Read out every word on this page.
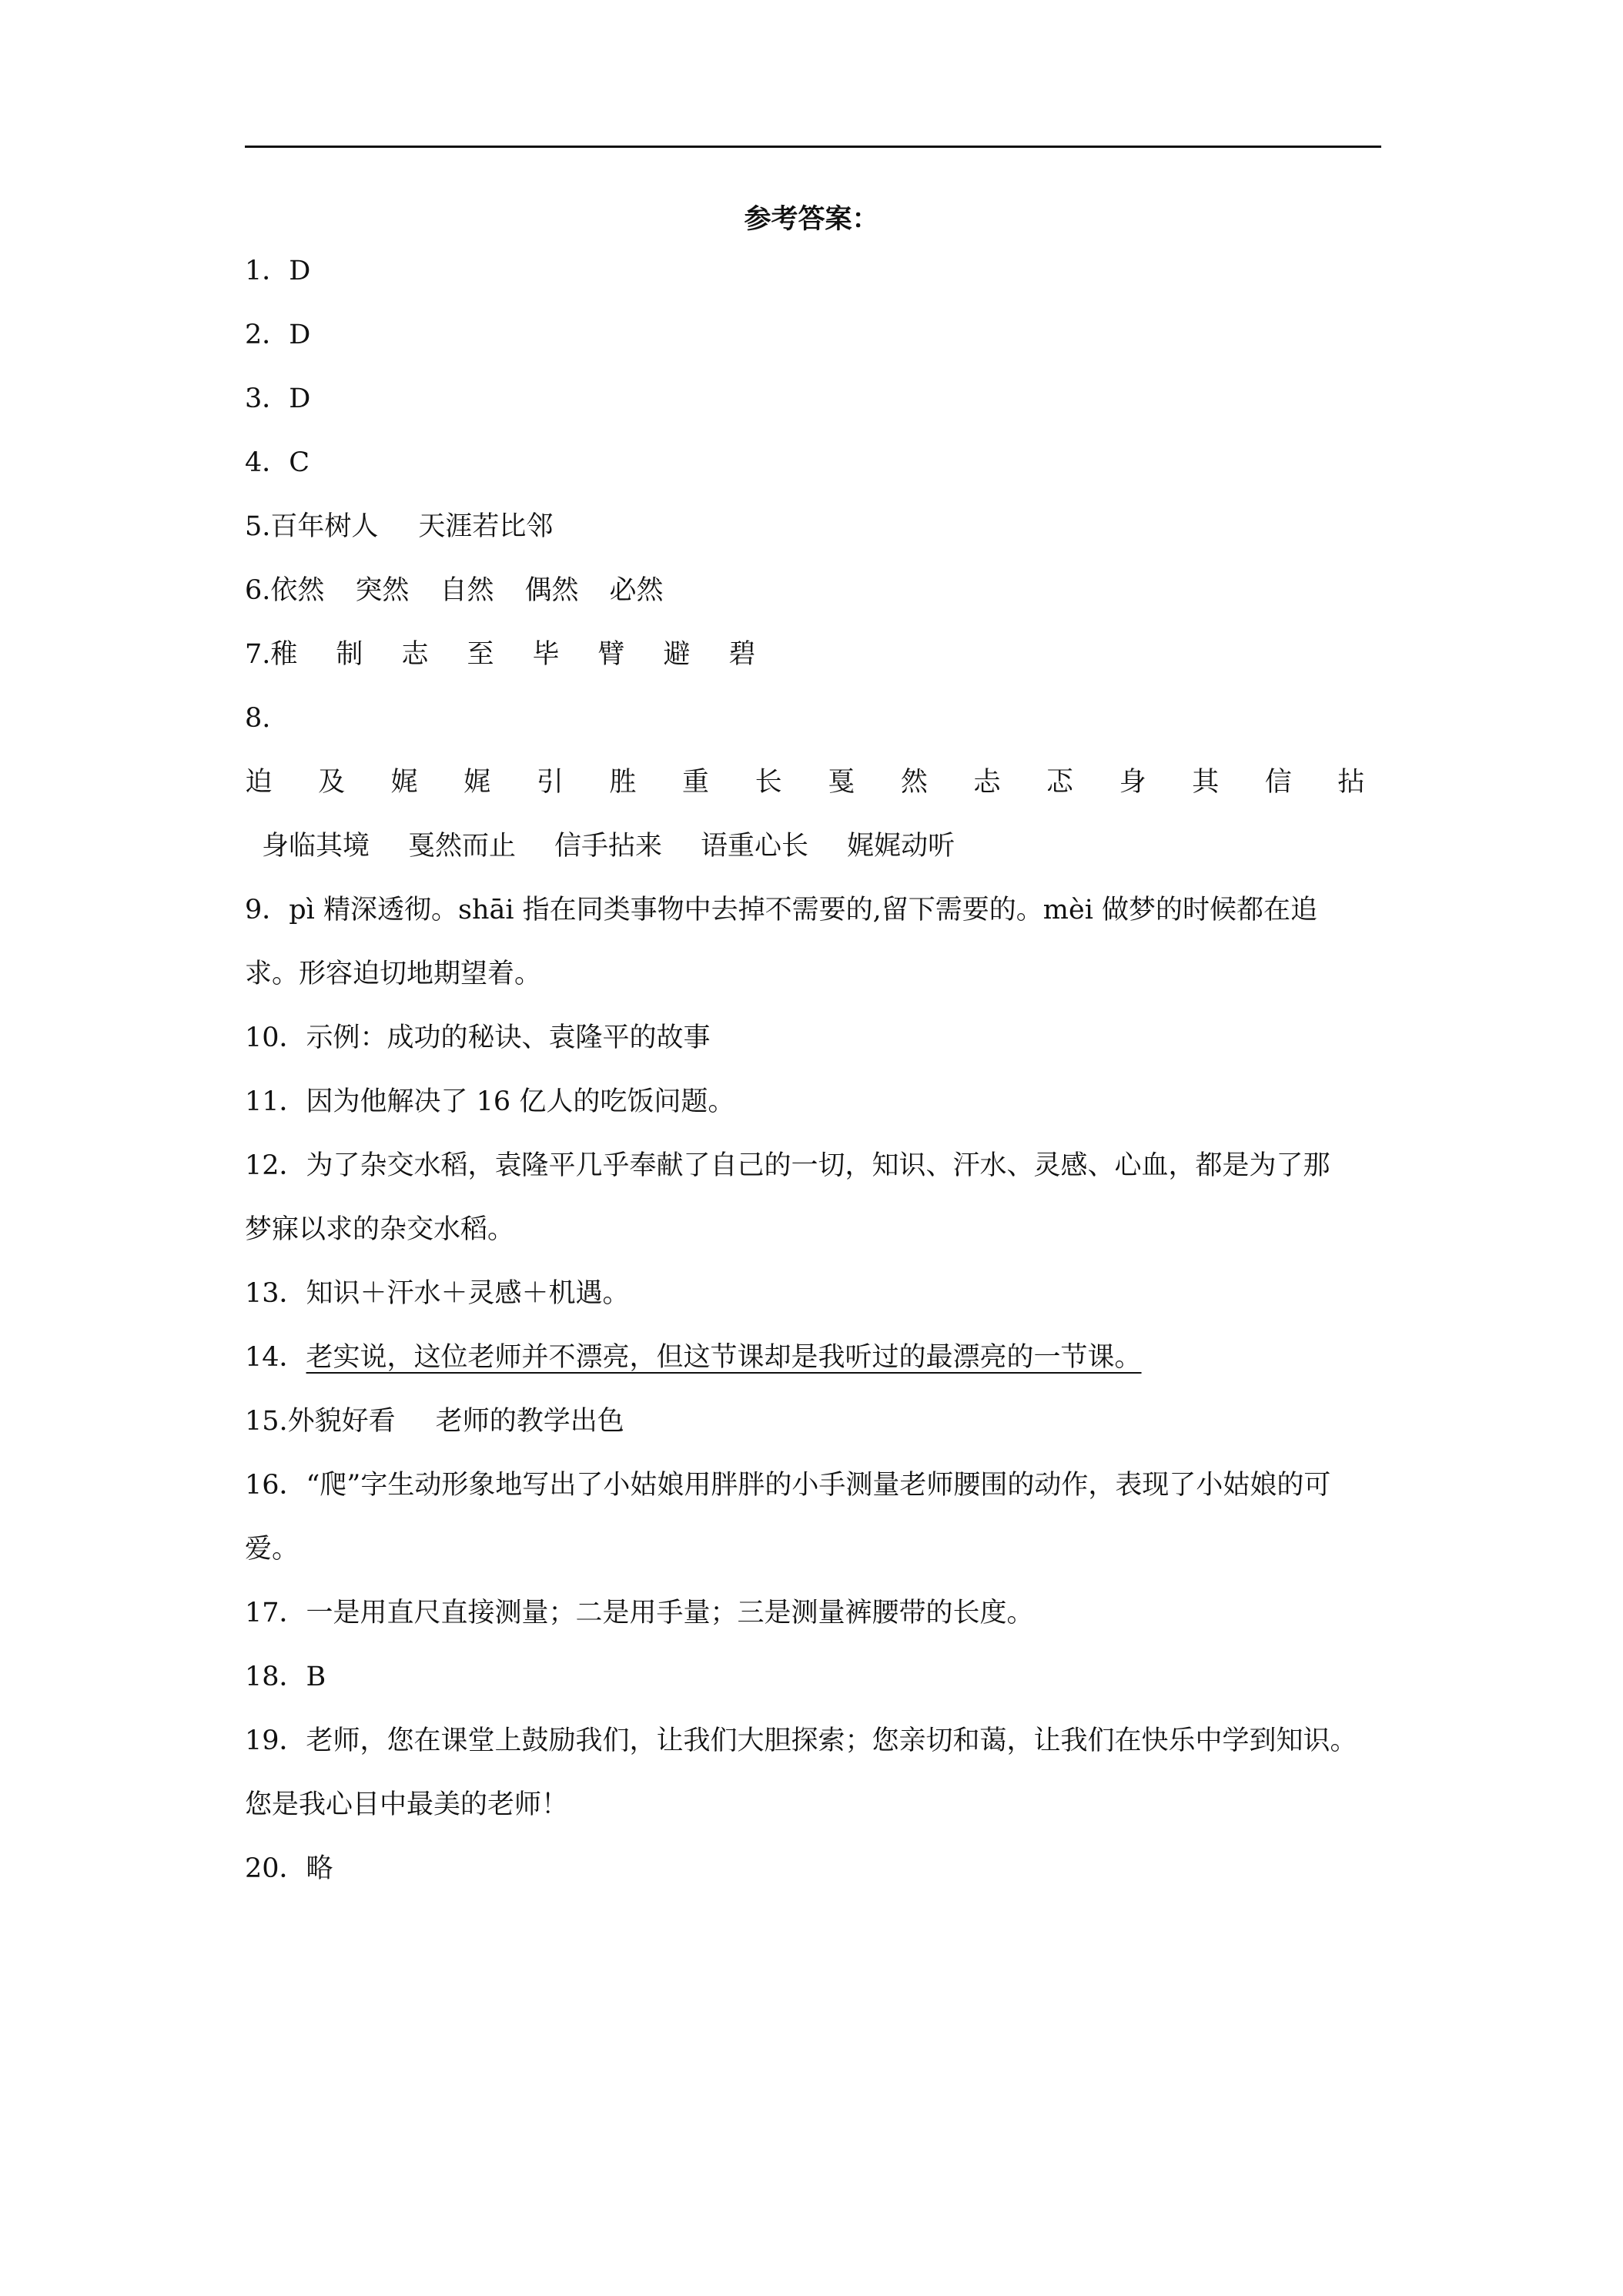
参考答案：
1．D
2．D
3．D
4．C
5.百年树人 天涯若比邻
6.依然 突然 自然 偶然 必然
7.稚 制 志 至 毕 臂 避 碧
8.
迫 及 娓 娓 引 胜 重 长 戛 然 忐 忑 身 其 信 拈
身临其境 戛然而止 信手拈来 语重心长 娓娓动听
9．pì 精深透彻。shāi 指在同类事物中去掉不需要的,留下需要的。mèi 做梦的时候都在追
求。形容迫切地期望着。
10．示例：成功的秘诀、袁隆平的故事
11．因为他解决了 16 亿人的吃饭问题。
12．为了杂交水稻，袁隆平几乎奉献了自己的一切，知识、汗水、灵感、心血，都是为了那
梦寐以求的杂交水稻。
13．知识＋汗水＋灵感＋机遇。
14．老实说，这位老师并不漂亮，但这节课却是我听过的最漂亮的一节课。
15.外貌好看 老师的教学出色
16．“爬”字生动形象地写出了小姑娘用胖胖的小手测量老师腰围的动作，表现了小姑娘的可
爱。
17．一是用直尺直接测量；二是用手量；三是测量裤腰带的长度。
18．B
19．老师，您在课堂上鼓励我们，让我们大胆探索；您亲切和蔼，让我们在快乐中学到知识。
您是我心目中最美的老师！
20．略
